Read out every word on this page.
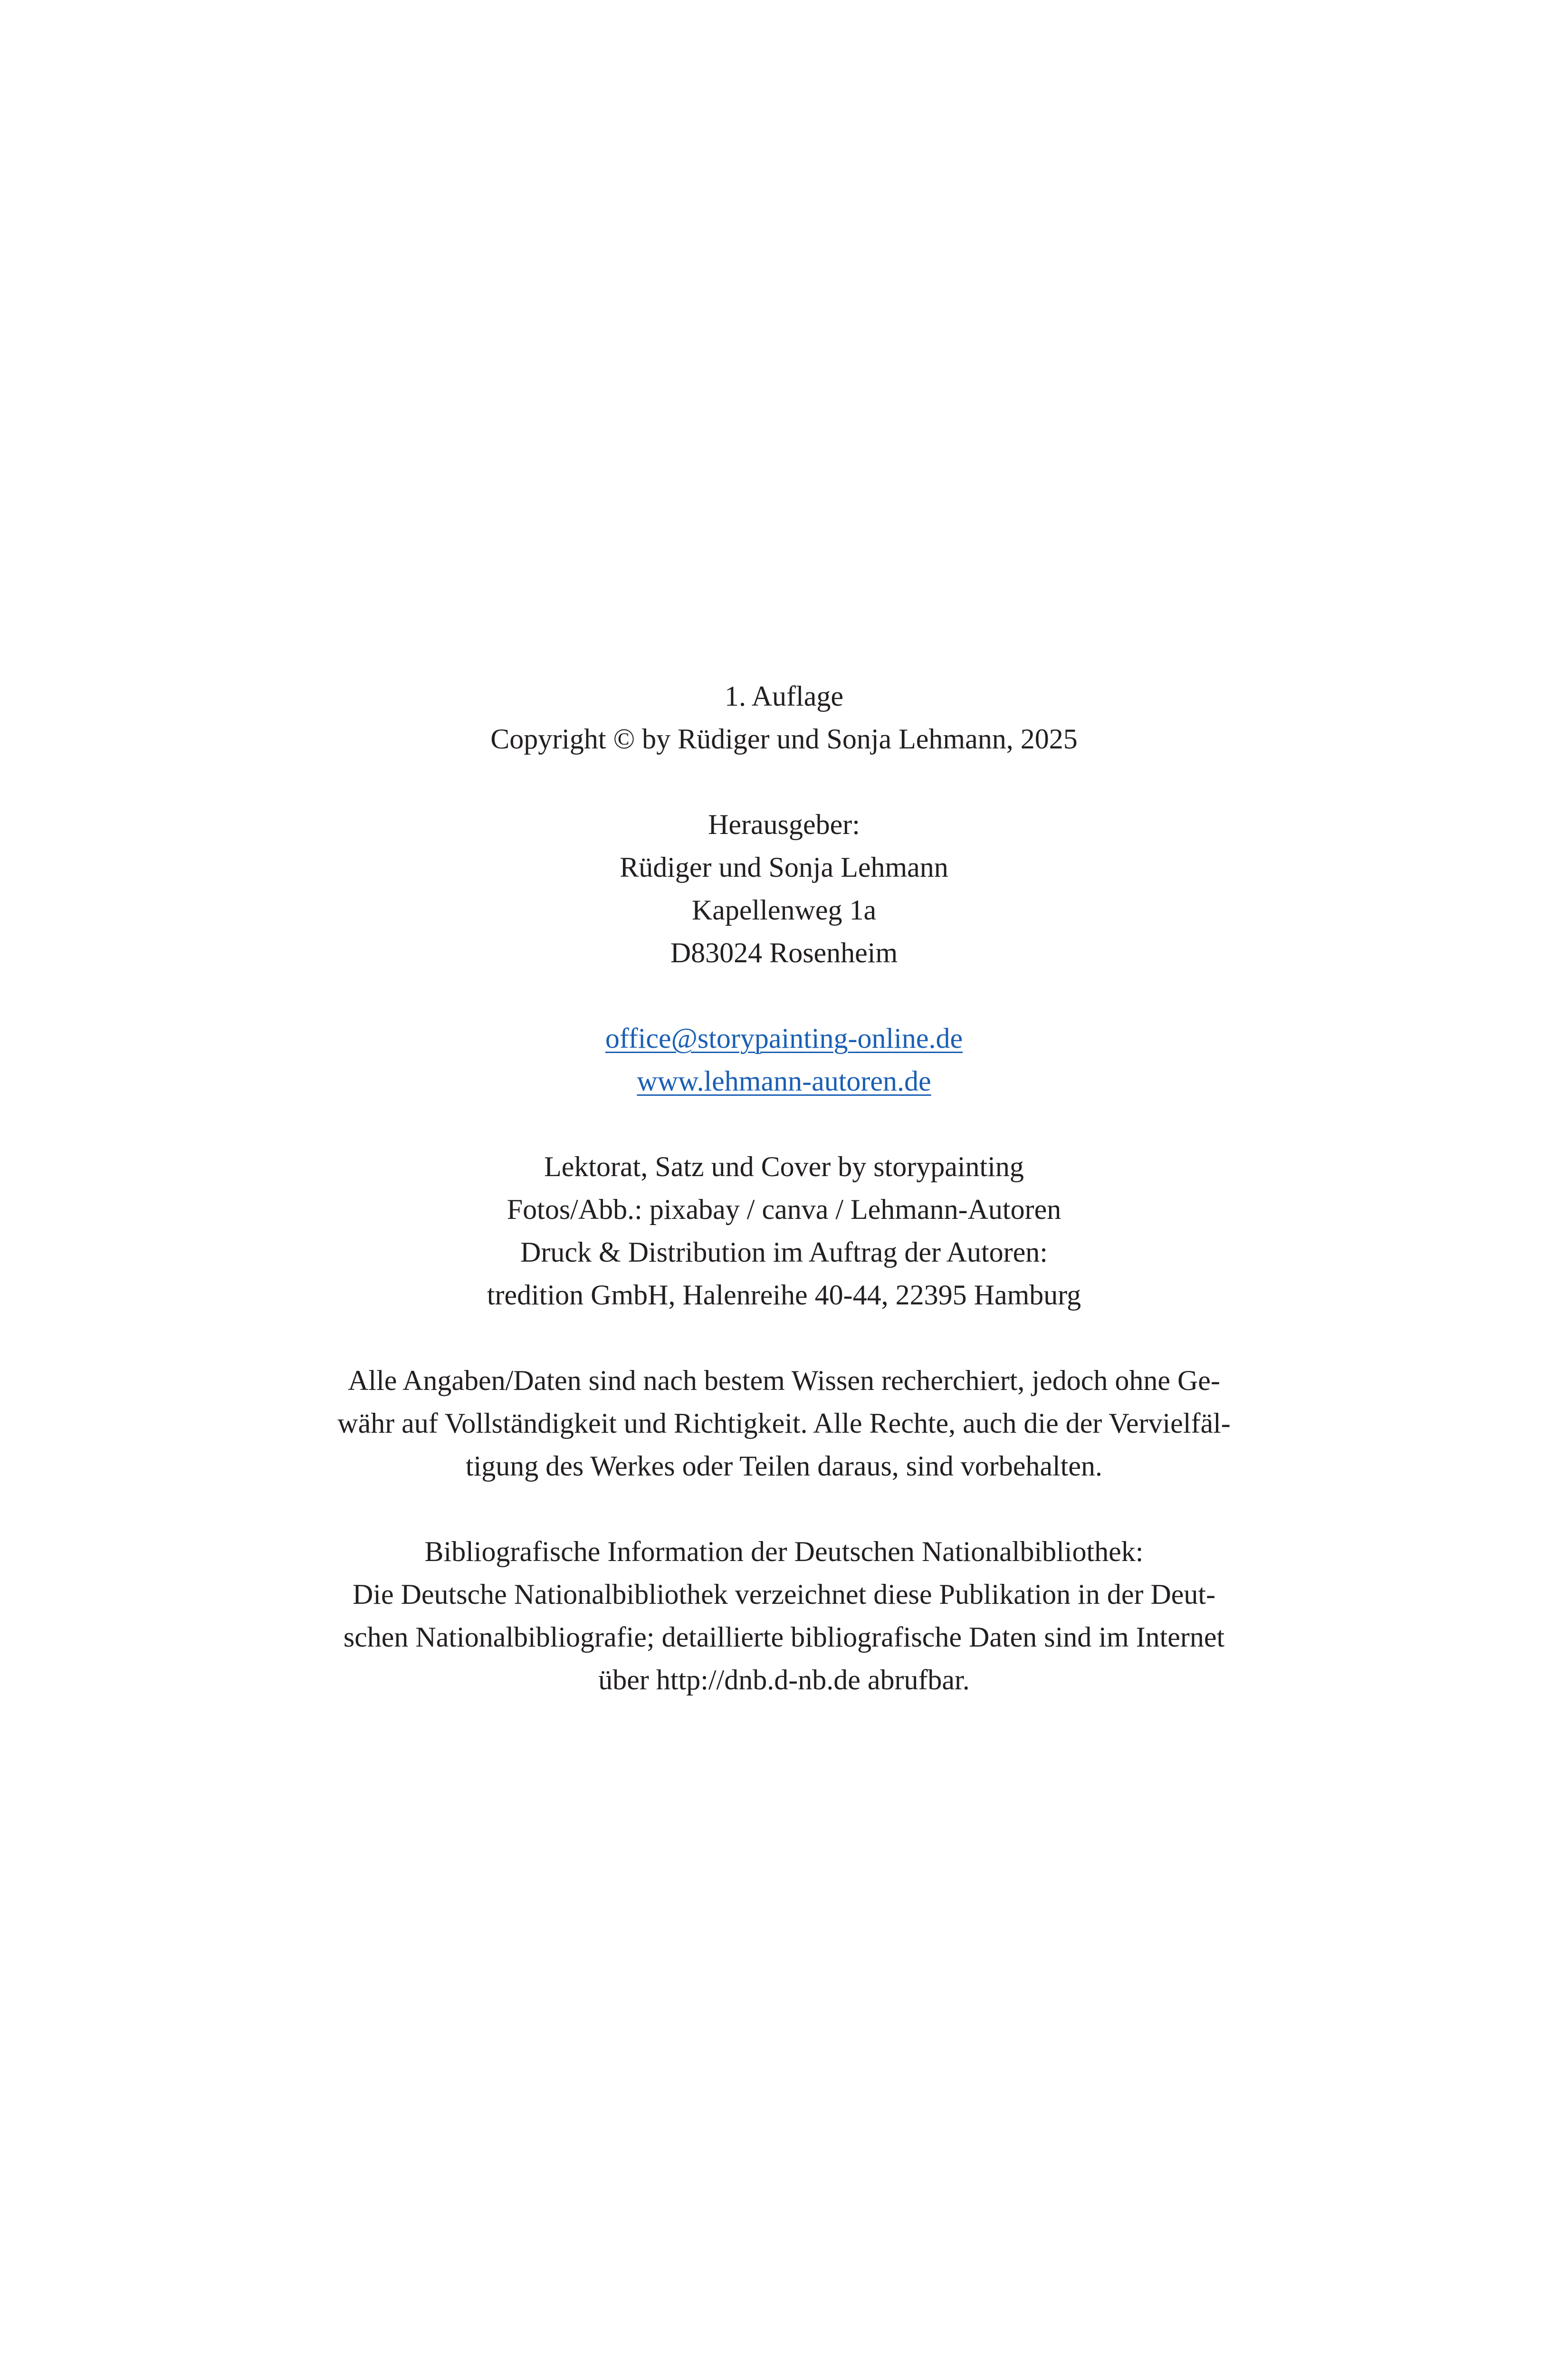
1. Auflage
Copyright © by Rüdiger und Sonja Lehmann, 2025
Herausgeber:
Rüdiger und Sonja Lehmann
Kapellenweg 1a
D83024 Rosenheim
office@storypainting-online.de
www.lehmann-autoren.de
Lektorat, Satz und Cover by storypainting
Fotos/Abb.: pixabay / canva / Lehmann-Autoren
Druck & Distribution im Auftrag der Autoren:
tredition GmbH, Halenreihe 40-44, 22395 Hamburg
Alle Angaben/Daten sind nach bestem Wissen recherchiert, jedoch ohne Ge-
währ auf Vollständigkeit und Richtigkeit. Alle Rechte, auch die der Vervielfäl-
tigung des Werkes oder Teilen daraus, sind vorbehalten.
Bibliografische Information der Deutschen Nationalbibliothek:
Die Deutsche Nationalbibliothek verzeichnet diese Publikation in der Deut-
schen Nationalbibliografie; detaillierte bibliografische Daten sind im Internet
über http://dnb.d-nb.de abrufbar.
